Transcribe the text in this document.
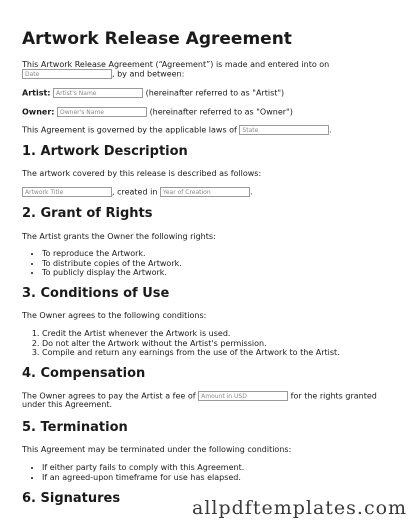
Artwork Release Agreement

This Artwork Release Agreement (“Agreement”) is made and entered into on

Date, by and between:

Artist: Artist's Name	(hereinafter referred to as "Artist")

Owner: Owner's Name	(hereinafter referred to as "Owner")

This Agreement is governed by the applicable laws of State	.

1. Artwork Description

The artwork covered by this release is described as follows:

Artwork Title, created in Year of Creation	.

2. Grant of Rights

The Artist grants the Owner the following rights:

• To reproduce the Artwork.
• To distribute copies of the Artwork.
• To publicly display the Artwork.
3. Conditions of Use

The Owner agrees to the following conditions:

1. Credit the Artist whenever the Artwork is used.
2. Do not alter the Artwork without the Artist's permission.
3. Compile and return any earnings from the use of the Artwork to the Artist.
4. Compensation

The Owner agrees to pay the Artist a fee of Amount in USD	for the rights granted

under this Agreement.

5. Termination

This Agreement may be terminated under the following conditions:

• If either party fails to comply with this Agreement.
• If an agreed-upon timeframe for use has elapsed.
6. Signatures	allpdftemplates.com
